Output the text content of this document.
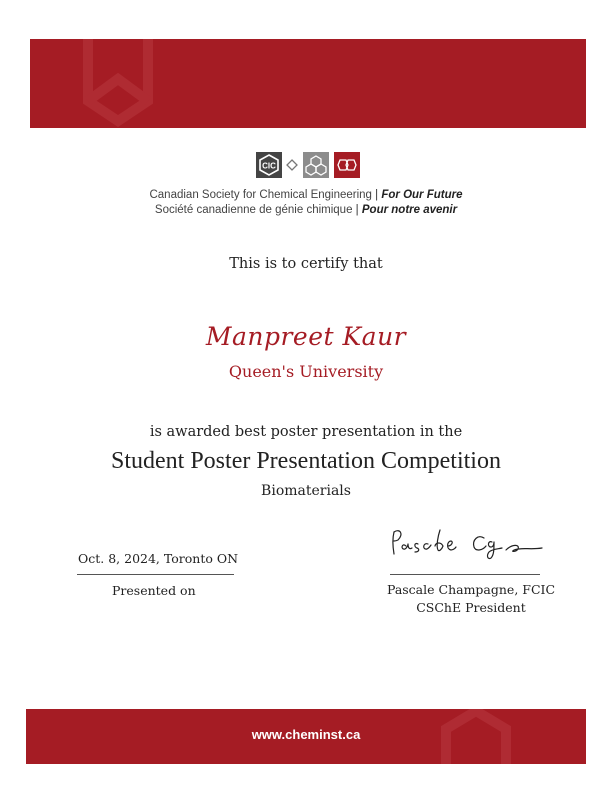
CIC
Canadian Society for Chemical Engineering | For Our Future
Société canadienne de génie chimique | Pour notre avenir
This is to certify that
Manpreet Kaur
Queen's University
is awarded best poster presentation in the
Student Poster Presentation Competition
Biomaterials
Oct. 8, 2024, Toronto ON
Presented on	Pascale Champagne, FCIC
CSChE President
www.cheminst.ca
